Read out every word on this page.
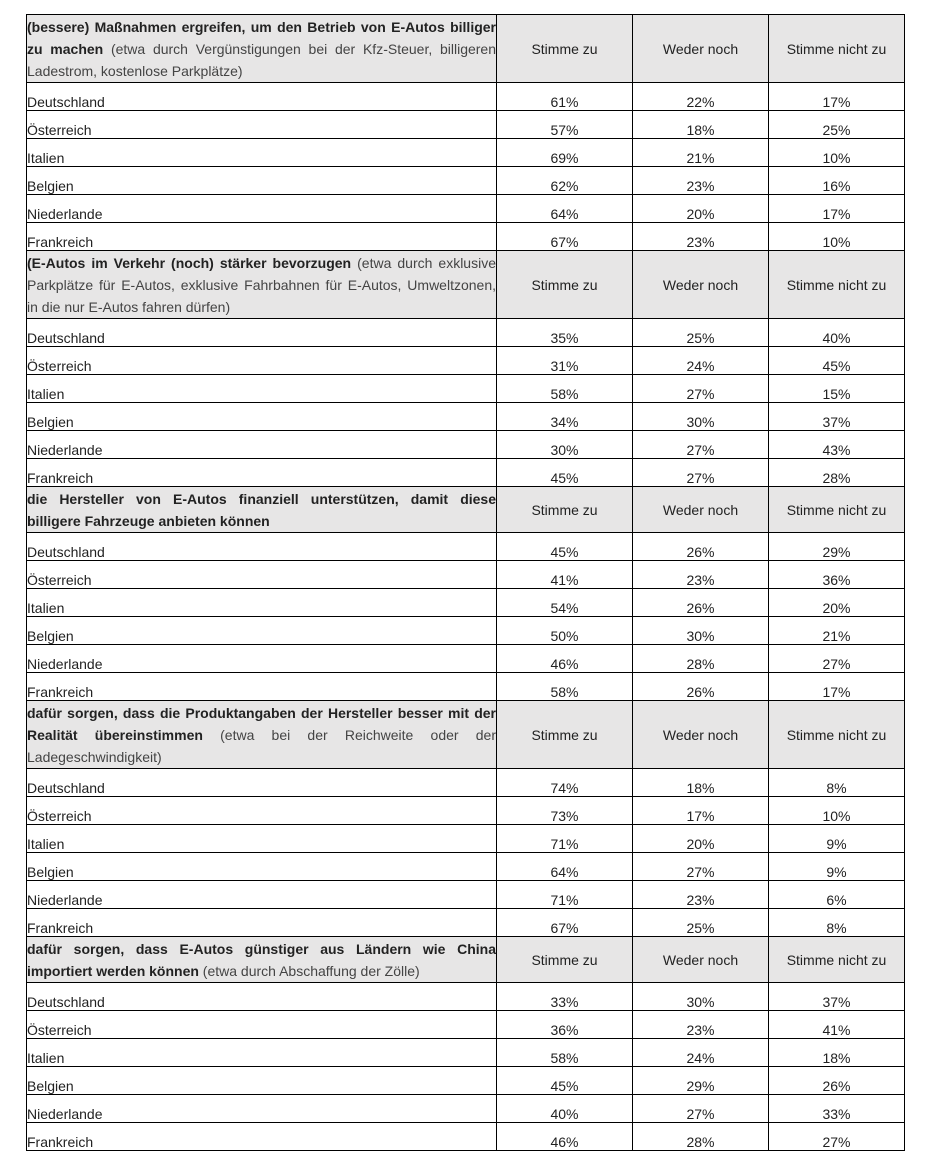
(bessere) Maßnahmen ergreifen, um den Betrieb von E-Autos billiger zu machen (etwa durch Vergünstigungen bei der Kfz-Steuer, billigeren Ladestrom, kostenlose Parkplätze)	Stimme zu	Weder noch	Stimme nicht zu
Deutschland	61%	22%	17%
Österreich	57%	18%	25%
Italien	69%	21%	10%
Belgien	62%	23%	16%
Niederlande	64%	20%	17%
Frankreich	67%	23%	10%
(E-Autos im Verkehr (noch) stärker bevorzugen (etwa durch exklusive Parkplätze für E-Autos, exklusive Fahrbahnen für E-Autos, Umweltzonen, in die nur E-Autos fahren dürfen)	Stimme zu	Weder noch	Stimme nicht zu
Deutschland	35%	25%	40%
Österreich	31%	24%	45%
Italien	58%	27%	15%
Belgien	34%	30%	37%
Niederlande	30%	27%	43%
Frankreich	45%	27%	28%
die Hersteller von E-Autos finanziell unterstützen, damit diese billigere Fahrzeuge anbieten können	Stimme zu	Weder noch	Stimme nicht zu
Deutschland	45%	26%	29%
Österreich	41%	23%	36%
Italien	54%	26%	20%
Belgien	50%	30%	21%
Niederlande	46%	28%	27%
Frankreich	58%	26%	17%
dafür sorgen, dass die Produktangaben der Hersteller besser mit der Realität übereinstimmen (etwa bei der Reichweite oder der Ladegeschwindigkeit)	Stimme zu	Weder noch	Stimme nicht zu
Deutschland	74%	18%	8%
Österreich	73%	17%	10%
Italien	71%	20%	9%
Belgien	64%	27%	9%
Niederlande	71%	23%	6%
Frankreich	67%	25%	8%
dafür sorgen, dass E-Autos günstiger aus Ländern wie China importiert werden können (etwa durch Abschaffung der Zölle)	Stimme zu	Weder noch	Stimme nicht zu
Deutschland	33%	30%	37%
Österreich	36%	23%	41%
Italien	58%	24%	18%
Belgien	45%	29%	26%
Niederlande	40%	27%	33%
Frankreich	46%	28%	27%
